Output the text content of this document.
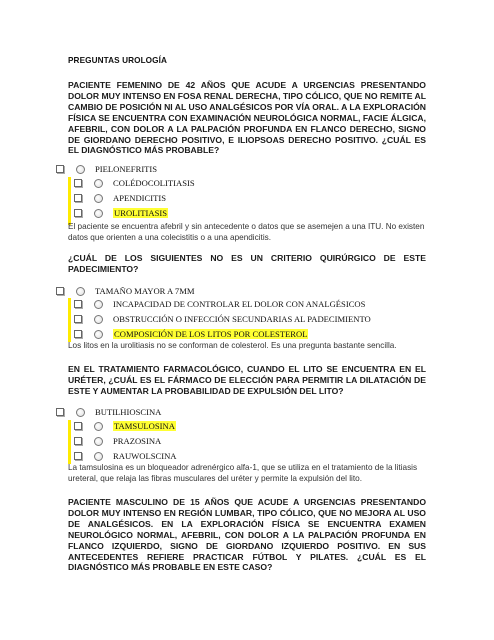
PREGUNTAS UROLOGÍA
PACIENTE FEMENINO DE 42 AÑOS QUE ACUDE A URGENCIAS PRESENTANDO DOLOR MUY INTENSO EN FOSA RENAL DERECHA, TIPO CÓLICO, QUE NO REMITE AL CAMBIO DE POSICIÓN NI AL USO ANALGÉSICOS POR VÍA ORAL. A LA EXPLORACIÓN FÍSICA SE ENCUENTRA CON EXAMINACIÓN NEUROLÓGICA NORMAL, FACIE ÁLGICA, AFEBRIL, CON DOLOR A LA PALPACIÓN PROFUNDA EN FLANCO DERECHO, SIGNO DE GIORDANO DERECHO POSITIVO, E ILIOPSOAS DERECHO POSITIVO. ¿CUÁL ES EL DIAGNÓSTICO MÁS PROBABLE?
PIELONEFRITIS
COLÉDOCOLITIASIS
APENDICITIS
UROLITIASIS
El paciente se encuentra afebril y sin antecedente o datos que se asemejen a una ITU. No existen datos que orienten a una colecistitis o a una apendicitis.
¿CUÁL DE LOS SIGUIENTES NO ES UN CRITERIO QUIRÚRGICO DE ESTE PADECIMIENTO?
TAMAÑO MAYOR A 7MM
INCAPACIDAD DE CONTROLAR EL DOLOR CON ANALGÉSICOS
OBSTRUCCIÓN O INFECCIÓN SECUNDARIAS AL PADECIMIENTO
COMPOSICIÓN DE LOS LITOS POR COLESTEROL
Los litos en la urolitiasis no se conforman de colesterol. Es una pregunta bastante sencilla.
EN EL TRATAMIENTO FARMACOLÓGICO, CUANDO EL LITO SE ENCUENTRA EN EL URÉTER, ¿CUÁL ES EL FÁRMACO DE ELECCIÓN PARA PERMITIR LA DILATACIÓN DE ESTE Y AUMENTAR LA PROBABILIDAD DE EXPULSIÓN DEL LITO?
BUTILHIOSCINA
TAMSULOSINA
PRAZOSINA
RAUWOLSCINA
La tamsulosina es un bloqueador adrenérgico alfa-1, que se utiliza en el tratamiento de la litiasis ureteral, que relaja las fibras musculares del uréter y permite la expulsión del lito.
PACIENTE MASCULINO DE 15 AÑOS QUE ACUDE A URGENCIAS PRESENTANDO DOLOR MUY INTENSO EN REGIÓN LUMBAR, TIPO CÓLICO, QUE NO MEJORA AL USO DE ANALGÉSICOS. EN LA EXPLORACIÓN FÍSICA SE ENCUENTRA EXAMEN NEUROLÓGICO NORMAL, AFEBRIL, CON DOLOR A LA PALPACIÓN PROFUNDA EN FLANCO IZQUIERDO, SIGNO DE GIORDANO IZQUIERDO POSITIVO. EN SUS ANTECEDENTES REFIERE PRACTICAR FÚTBOL Y PILATES. ¿CUÁL ES EL DIAGNÓSTICO MÁS PROBABLE EN ESTE CASO?
